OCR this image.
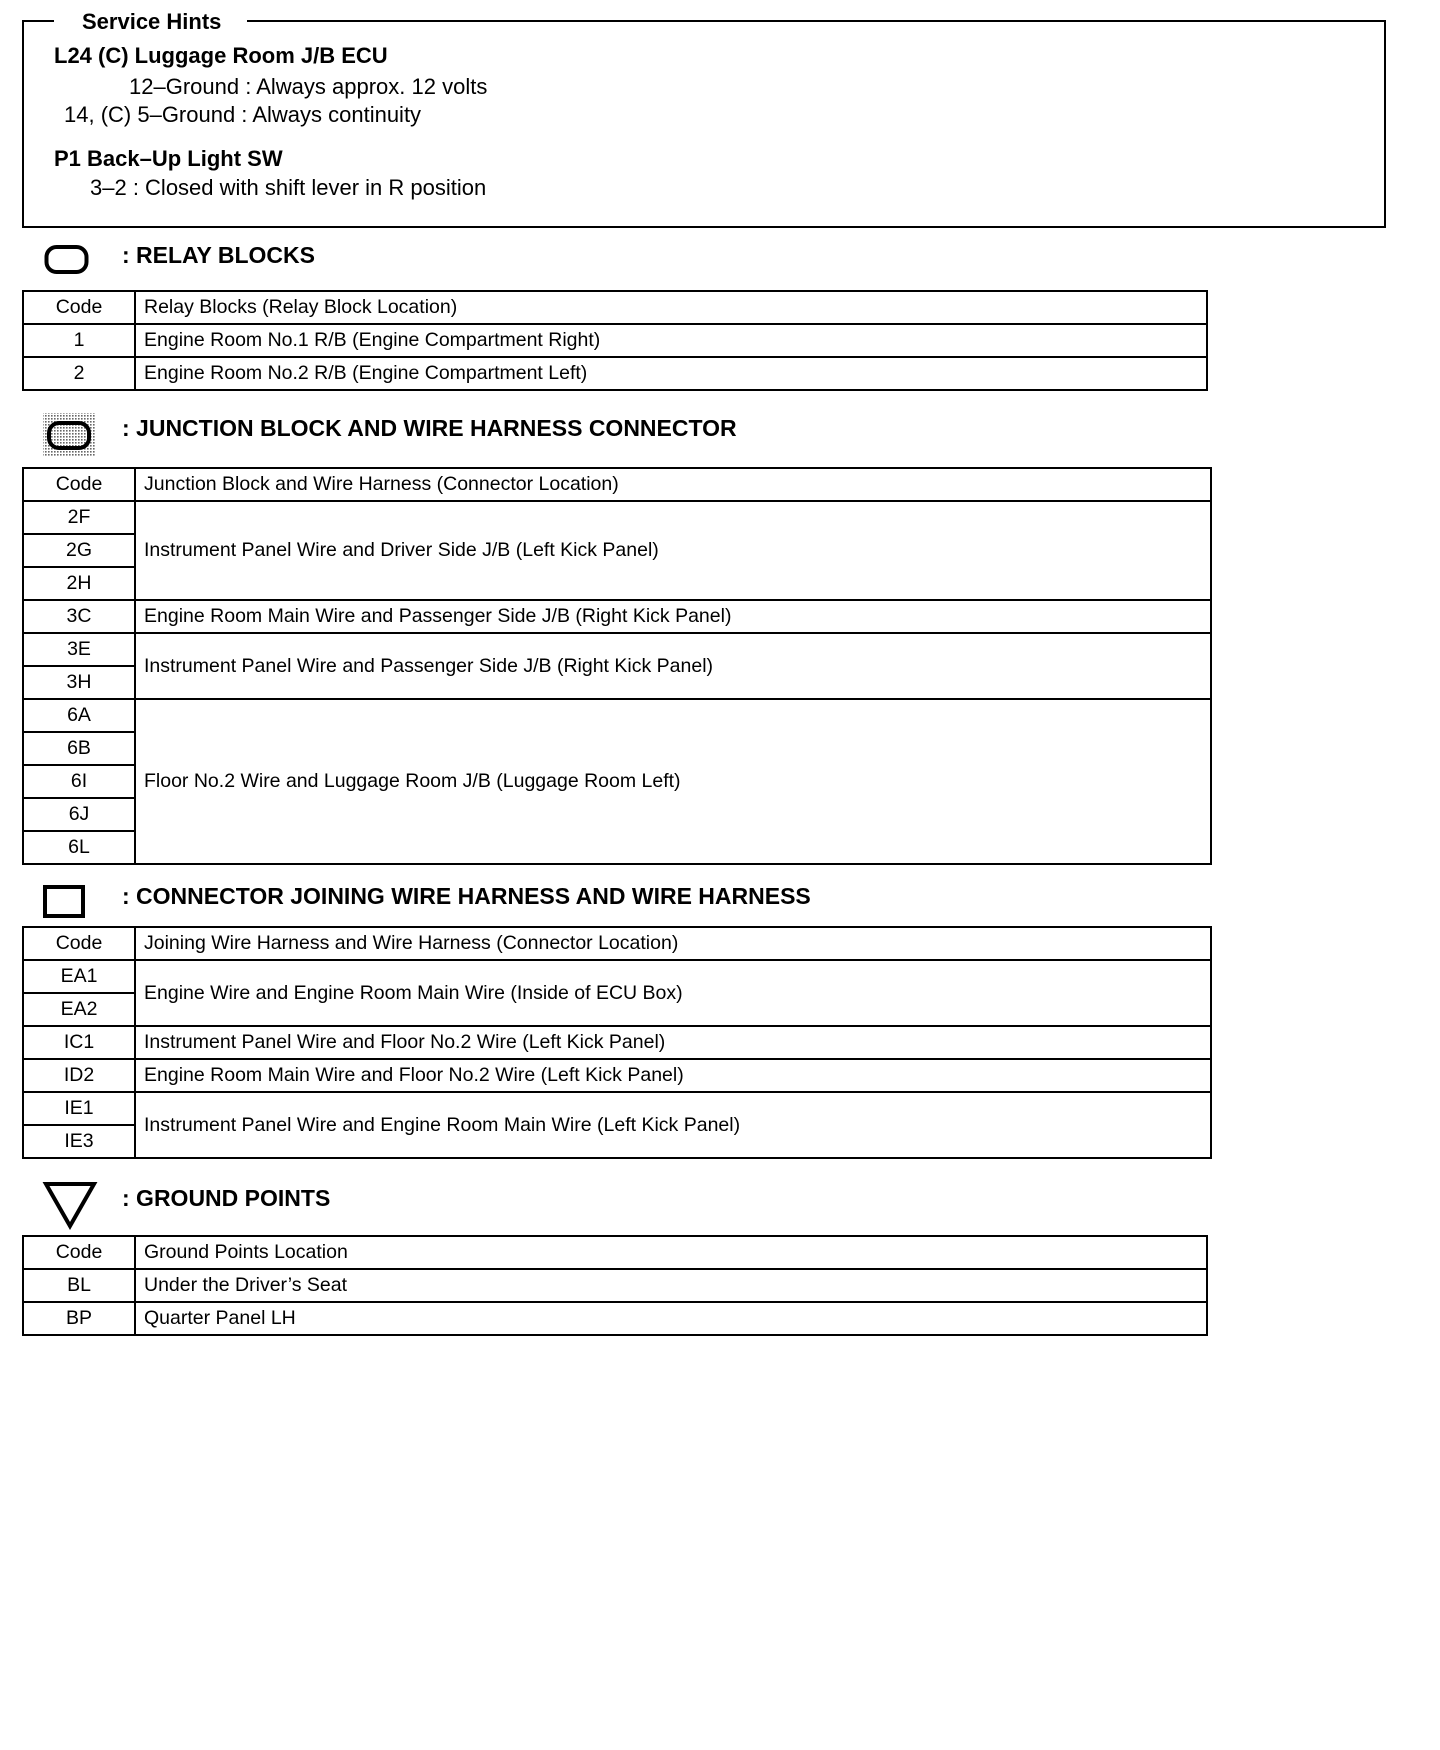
Service Hints
L24 (C) Luggage Room J/B ECU
12–Ground : Always approx. 12 volts
14, (C) 5–Ground : Always continuity
P1 Back–Up Light SW
3–2 : Closed with shift lever in R position
: RELAY BLOCKS
Code	Relay Blocks (Relay Block Location)
1	Engine Room No.1 R/B (Engine Compartment Right)
2	Engine Room No.2 R/B (Engine Compartment Left)
: JUNCTION BLOCK AND WIRE HARNESS CONNECTOR
Code	Junction Block and Wire Harness (Connector Location)
2F	Instrument Panel Wire and Driver Side J/B (Left Kick Panel)
2G	
2H	
3C	Engine Room Main Wire and Passenger Side J/B (Right Kick Panel)
3E	Instrument Panel Wire and Passenger Side J/B (Right Kick Panel)
3H	
6A	Floor No.2 Wire and Luggage Room J/B (Luggage Room Left)
6B	
6I	
6J	
6L	
: CONNECTOR JOINING WIRE HARNESS AND WIRE HARNESS
Code	Joining Wire Harness and Wire Harness (Connector Location)
EA1	Engine Wire and Engine Room Main Wire (Inside of ECU Box)
EA2	
IC1	Instrument Panel Wire and Floor No.2 Wire (Left Kick Panel)
ID2	Engine Room Main Wire and Floor No.2 Wire (Left Kick Panel)
IE1	Instrument Panel Wire and Engine Room Main Wire (Left Kick Panel)
IE3	
: GROUND POINTS
Code	Ground Points Location
BL	Under the Driver’s Seat
BP	Quarter Panel LH
